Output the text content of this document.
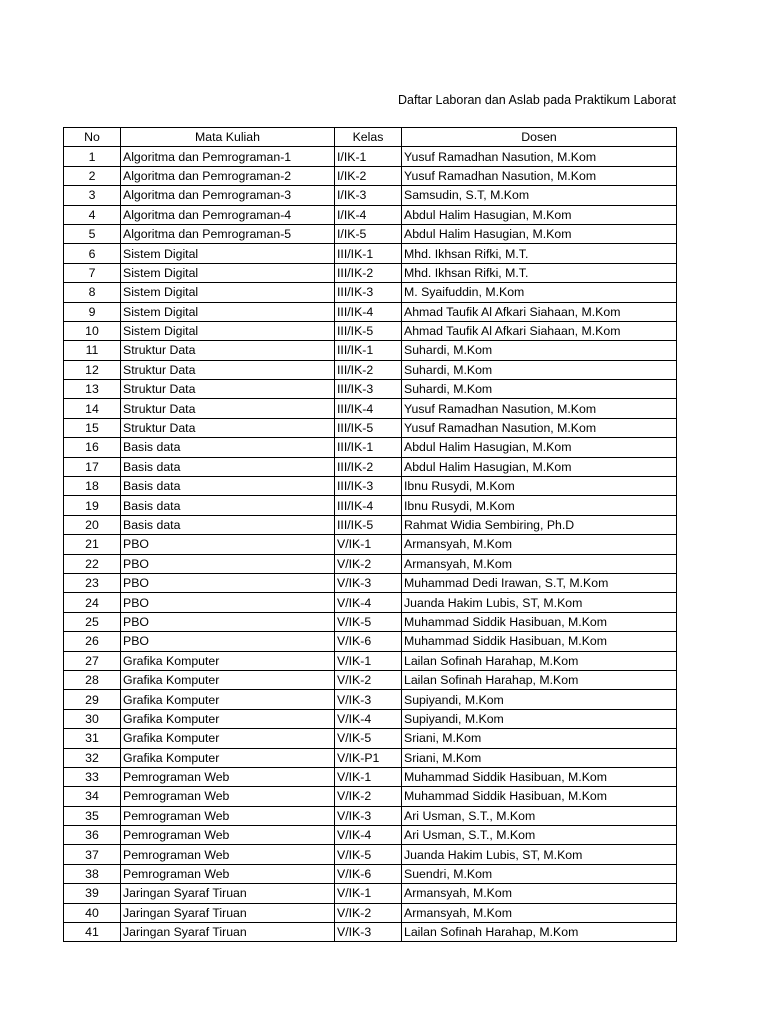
Daftar Laboran dan Aslab pada Praktikum Laborat
No	Mata Kuliah	Kelas	Dosen
1	Algoritma dan Pemrograman-1	I/IK-1	Yusuf Ramadhan Nasution, M.Kom
2	Algoritma dan Pemrograman-2	I/IK-2	Yusuf Ramadhan Nasution, M.Kom
3	Algoritma dan Pemrograman-3	I/IK-3	Samsudin, S.T, M.Kom
4	Algoritma dan Pemrograman-4	I/IK-4	Abdul Halim Hasugian, M.Kom
5	Algoritma dan Pemrograman-5	I/IK-5	Abdul Halim Hasugian, M.Kom
6	Sistem Digital	III/IK-1	Mhd. Ikhsan Rifki, M.T.
7	Sistem Digital	III/IK-2	Mhd. Ikhsan Rifki, M.T.
8	Sistem Digital	III/IK-3	M. Syaifuddin, M.Kom
9	Sistem Digital	III/IK-4	Ahmad Taufik Al Afkari Siahaan, M.Kom
10	Sistem Digital	III/IK-5	Ahmad Taufik Al Afkari Siahaan, M.Kom
11	Struktur Data	III/IK-1	Suhardi, M.Kom
12	Struktur Data	III/IK-2	Suhardi, M.Kom
13	Struktur Data	III/IK-3	Suhardi, M.Kom
14	Struktur Data	III/IK-4	Yusuf Ramadhan Nasution, M.Kom
15	Struktur Data	III/IK-5	Yusuf Ramadhan Nasution, M.Kom
16	Basis data	III/IK-1	Abdul Halim Hasugian, M.Kom
17	Basis data	III/IK-2	Abdul Halim Hasugian, M.Kom
18	Basis data	III/IK-3	Ibnu Rusydi, M.Kom
19	Basis data	III/IK-4	Ibnu Rusydi, M.Kom
20	Basis data	III/IK-5	Rahmat Widia Sembiring, Ph.D
21	PBO	V/IK-1	Armansyah, M.Kom
22	PBO	V/IK-2	Armansyah, M.Kom
23	PBO	V/IK-3	Muhammad Dedi Irawan, S.T, M.Kom
24	PBO	V/IK-4	Juanda Hakim Lubis, ST, M.Kom
25	PBO	V/IK-5	Muhammad Siddik Hasibuan, M.Kom
26	PBO	V/IK-6	Muhammad Siddik Hasibuan, M.Kom
27	Grafika Komputer	V/IK-1	Lailan Sofinah Harahap, M.Kom
28	Grafika Komputer	V/IK-2	Lailan Sofinah Harahap, M.Kom
29	Grafika Komputer	V/IK-3	Supiyandi, M.Kom
30	Grafika Komputer	V/IK-4	Supiyandi, M.Kom
31	Grafika Komputer	V/IK-5	Sriani, M.Kom
32	Grafika Komputer	V/IK-P1	Sriani, M.Kom
33	Pemrograman Web	V/IK-1	Muhammad Siddik Hasibuan, M.Kom
34	Pemrograman Web	V/IK-2	Muhammad Siddik Hasibuan, M.Kom
35	Pemrograman Web	V/IK-3	Ari Usman, S.T., M.Kom
36	Pemrograman Web	V/IK-4	Ari Usman, S.T., M.Kom
37	Pemrograman Web	V/IK-5	Juanda Hakim Lubis, ST, M.Kom
38	Pemrograman Web	V/IK-6	Suendri, M.Kom
39	Jaringan Syaraf Tiruan	V/IK-1	Armansyah, M.Kom
40	Jaringan Syaraf Tiruan	V/IK-2	Armansyah, M.Kom
41	Jaringan Syaraf Tiruan	V/IK-3	Lailan Sofinah Harahap, M.Kom
